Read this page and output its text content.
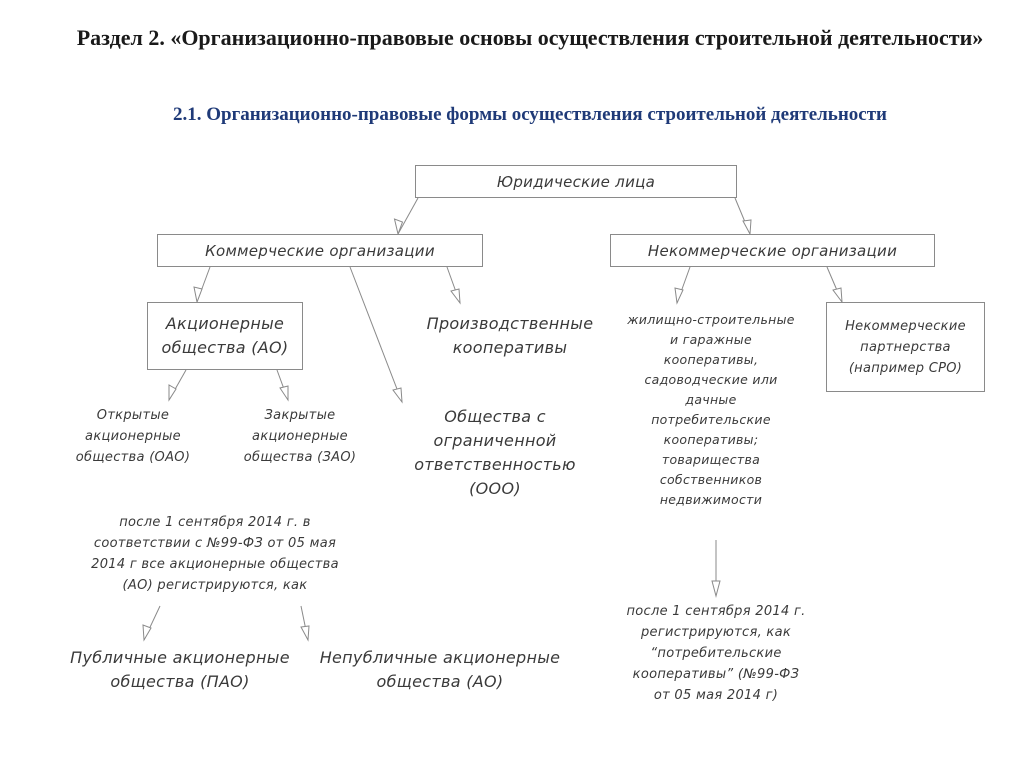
Раздел 2. «Организационно-правовые основы осуществления строительной деятельности»
2.1. Организационно-правовые формы осуществления строительной деятельности
Юридические лица
Коммерческие организации	Некоммерческие организации
Акционерные
общества (АО)
Производственные
кооперативы
Открытые
акционерные
общества (ОАО)
Закрытые
акционерные
общества (ЗАО)
Общества с
ограниченной
ответственностью
(ООО)
после 1 сентября 2014 г. в
соответствии с №99-ФЗ от 05 мая
2014 г все акционерные общества
(АО) регистрируются, как
Публичные акционерные
общества (ПАО)
Непубличные акционерные
общества (АО)
жилищно-строительные
и гаражные
кооперативы,
садоводческие или
дачные
потребительские
кооперативы;
товарищества
собственников
недвижимости
Некоммерческие
партнерства
(например СРО)
после 1 сентября 2014 г.
регистрируются, как
“потребительские
кооперативы” (№99-ФЗ
от 05 мая 2014 г)
